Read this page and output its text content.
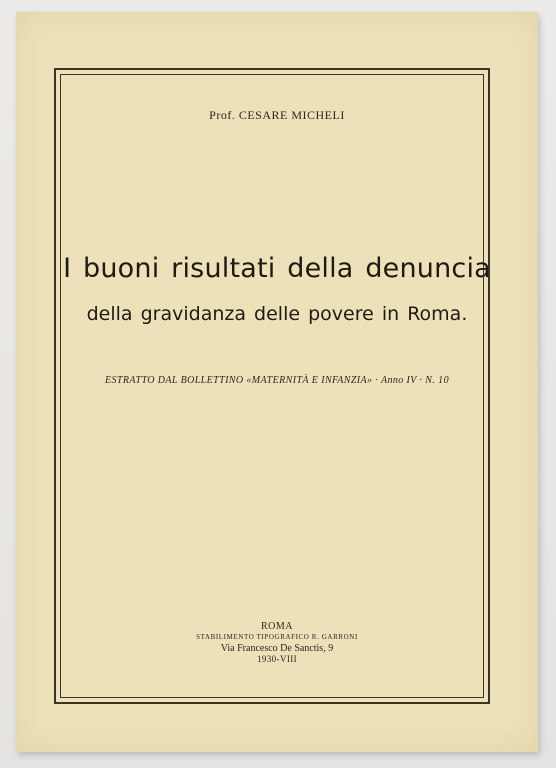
Prof. CESARE MICHELI
I buoni risultati della denuncia
della gravidanza delle povere in Roma.
ESTRATTO DAL BOLLETTINO «MATERNITÀ E INFANZIA» · Anno IV · N. 10
ROMA
STABILIMENTO TIPOGRAFICO R. GARRONI
Via Francesco De Sanctis, 9
1930-VIII
